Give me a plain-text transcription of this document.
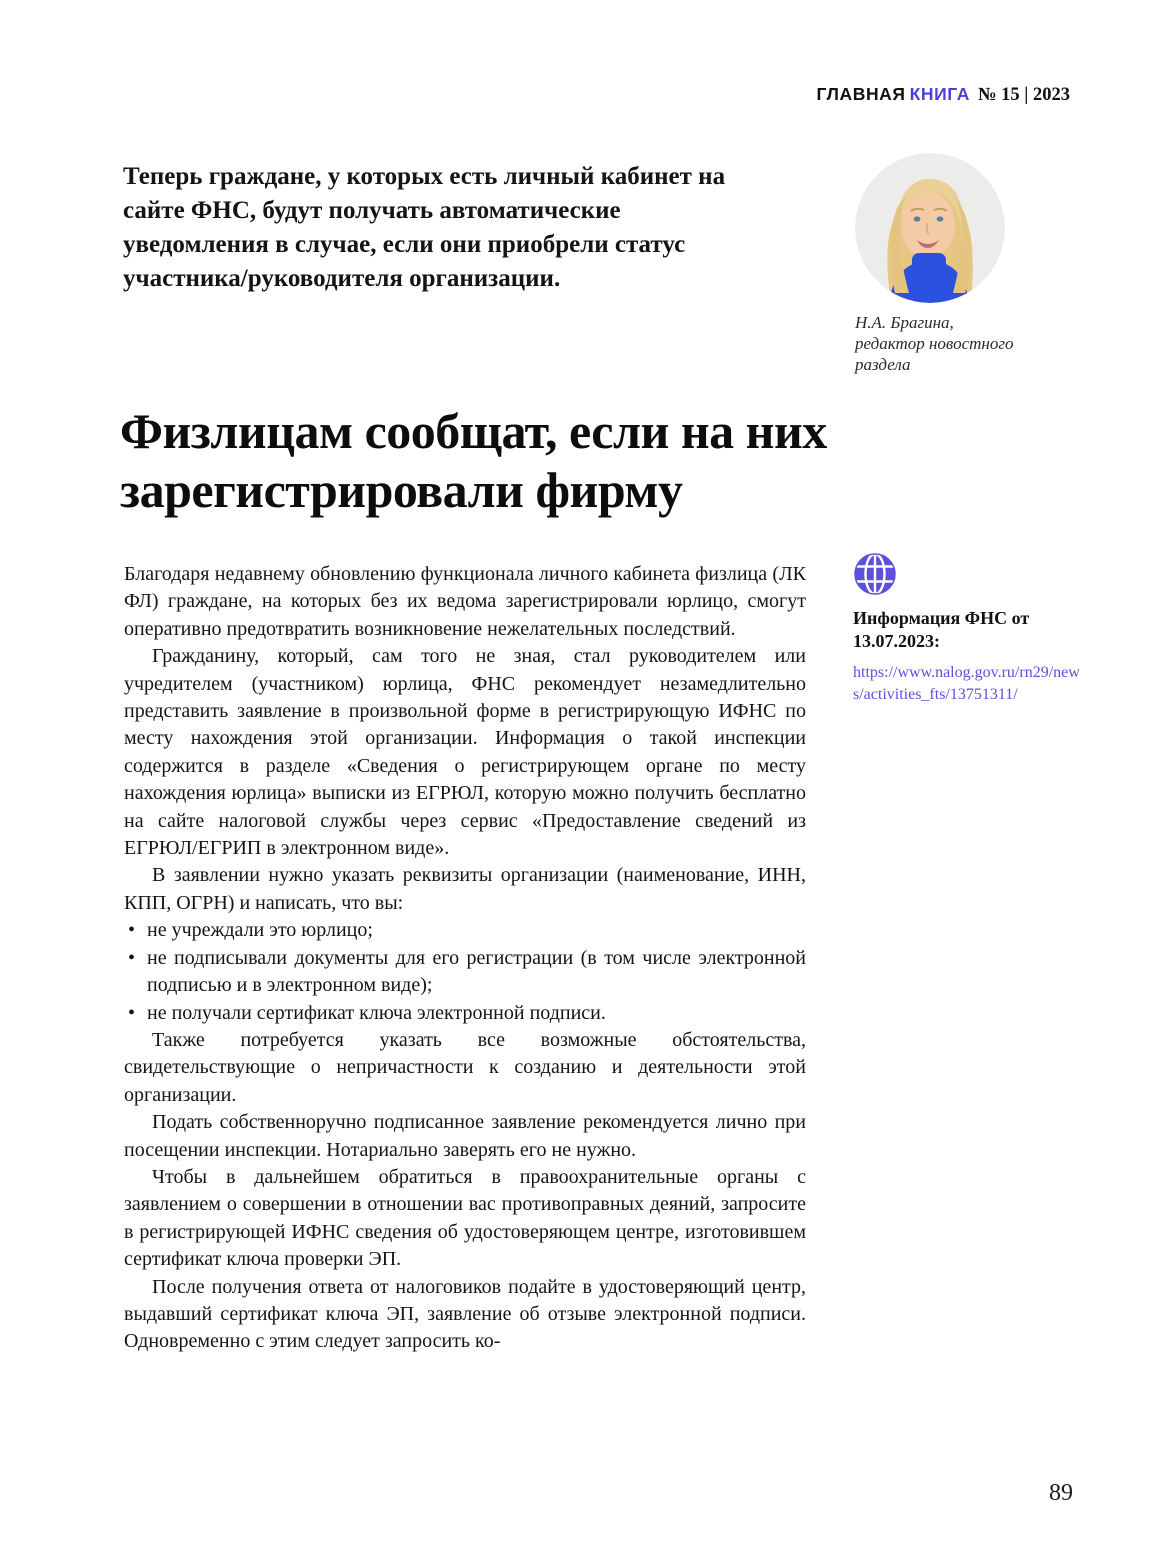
ГЛАВНАЯ КНИГА № 15 | 2023
Теперь граждане, у которых есть личный кабинет на сайте ФНС, будут получать автоматические уведомления в случае, если они приобрели статус участника/руководителя организации.
Н.А. Брагина,
редактор новостного раздела
Физлицам сообщат, если на них зарегистрировали фирму

Благодаря недавнему обновлению функционала личного кабинета физлица (ЛК ФЛ) граждане, на которых без их ведома зарегистрировали юрлицо, смогут оперативно предотвратить возникновение нежелательных последствий.

Гражданину, который, сам того не зная, стал руководителем или учредителем (участником) юрлица, ФНС рекомендует незамедлительно представить заявление в произвольной форме в регистрирующую ИФНС по месту нахождения этой организации. Информация о такой инспекции содержится в разделе «Сведения о регистрирующем органе по месту нахождения юрлица» выписки из ЕГРЮЛ, которую можно получить бесплатно на сайте налоговой службы через сервис «Предоставление сведений из ЕГРЮЛ/ЕГРИП в электронном виде».

В заявлении нужно указать реквизиты организации (наименование, ИНН, КПП, ОГРН) и написать, что вы:

• не учреждали это юрлицо;
• не подписывали документы для его регистрации (в том числе электронной подписью и в электронном виде);
• не получали сертификат ключа электронной подписи.

Также потребуется указать все возможные обстоятельства, свидетельствующие о непричастности к созданию и деятельности этой организации.

Подать собственноручно подписанное заявление рекомендуется лично при посещении инспекции. Нотариально заверять его не нужно.

Чтобы в дальнейшем обратиться в правоохранительные органы с заявлением о совершении в отношении вас противоправных деяний, запросите в регистрирующей ИФНС сведения об удостоверяющем центре, изготовившем сертификат ключа проверки ЭП.

После получения ответа от налоговиков подайте в удостоверяющий центр, выдавший сертификат ключа ЭП, заявление об отзыве электронной подписи. Одновременно с этим следует запросить ко-

Информация ФНС от 13.07.2023:
https://www.nalog.gov.ru/rn29/news/activities_fts/13751311/
89
